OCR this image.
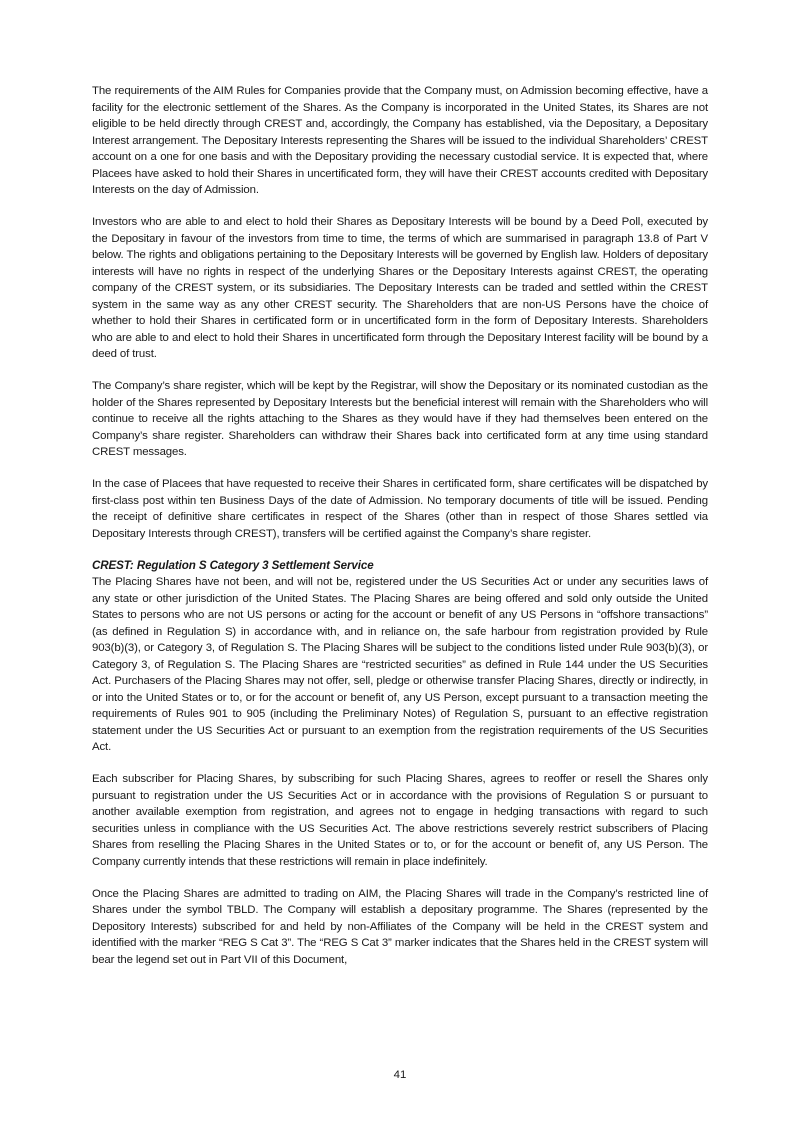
The requirements of the AIM Rules for Companies provide that the Company must, on Admission becoming effective, have a facility for the electronic settlement of the Shares. As the Company is incorporated in the United States, its Shares are not eligible to be held directly through CREST and, accordingly, the Company has established, via the Depositary, a Depositary Interest arrangement. The Depositary Interests representing the Shares will be issued to the individual Shareholders’ CREST account on a one for one basis and with the Depositary providing the necessary custodial service. It is expected that, where Placees have asked to hold their Shares in uncertificated form, they will have their CREST accounts credited with Depositary Interests on the day of Admission.

Investors who are able to and elect to hold their Shares as Depositary Interests will be bound by a Deed Poll, executed by the Depositary in favour of the investors from time to time, the terms of which are summarised in paragraph 13.8 of Part V below. The rights and obligations pertaining to the Depositary Interests will be governed by English law. Holders of depositary interests will have no rights in respect of the underlying Shares or the Depositary Interests against CREST, the operating company of the CREST system, or its subsidiaries. The Depositary Interests can be traded and settled within the CREST system in the same way as any other CREST security. The Shareholders that are non-US Persons have the choice of whether to hold their Shares in certificated form or in uncertificated form in the form of Depositary Interests. Shareholders who are able to and elect to hold their Shares in uncertificated form through the Depositary Interest facility will be bound by a deed of trust.

The Company’s share register, which will be kept by the Registrar, will show the Depositary or its nominated custodian as the holder of the Shares represented by Depositary Interests but the beneficial interest will remain with the Shareholders who will continue to receive all the rights attaching to the Shares as they would have if they had themselves been entered on the Company’s share register. Shareholders can withdraw their Shares back into certificated form at any time using standard CREST messages.

In the case of Placees that have requested to receive their Shares in certificated form, share certificates will be dispatched by first-class post within ten Business Days of the date of Admission. No temporary documents of title will be issued. Pending the receipt of definitive share certificates in respect of the Shares (other than in respect of those Shares settled via Depositary Interests through CREST), transfers will be certified against the Company’s share register.

CREST: Regulation S Category 3 Settlement Service

The Placing Shares have not been, and will not be, registered under the US Securities Act or under any securities laws of any state or other jurisdiction of the United States. The Placing Shares are being offered and sold only outside the United States to persons who are not US persons or acting for the account or benefit of any US Persons in “offshore transactions” (as defined in Regulation S) in accordance with, and in reliance on, the safe harbour from registration provided by Rule 903(b)(3), or Category 3, of Regulation S. The Placing Shares will be subject to the conditions listed under Rule 903(b)(3), or Category 3, of Regulation S. The Placing Shares are “restricted securities” as defined in Rule 144 under the US Securities Act. Purchasers of the Placing Shares may not offer, sell, pledge or otherwise transfer Placing Shares, directly or indirectly, in or into the United States or to, or for the account or benefit of, any US Person, except pursuant to a transaction meeting the requirements of Rules 901 to 905 (including the Preliminary Notes) of Regulation S, pursuant to an effective registration statement under the US Securities Act or pursuant to an exemption from the registration requirements of the US Securities Act.

Each subscriber for Placing Shares, by subscribing for such Placing Shares, agrees to reoffer or resell the Shares only pursuant to registration under the US Securities Act or in accordance with the provisions of Regulation S or pursuant to another available exemption from registration, and agrees not to engage in hedging transactions with regard to such securities unless in compliance with the US Securities Act. The above restrictions severely restrict subscribers of Placing Shares from reselling the Placing Shares in the United States or to, or for the account or benefit of, any US Person. The Company currently intends that these restrictions will remain in place indefinitely.

Once the Placing Shares are admitted to trading on AIM, the Placing Shares will trade in the Company’s restricted line of Shares under the symbol TBLD. The Company will establish a depositary programme. The Shares (represented by the Depository Interests) subscribed for and held by non-Affiliates of the Company will be held in the CREST system and identified with the marker “REG S Cat 3”. The “REG S Cat 3” marker indicates that the Shares held in the CREST system will bear the legend set out in Part VII of this Document,

41
